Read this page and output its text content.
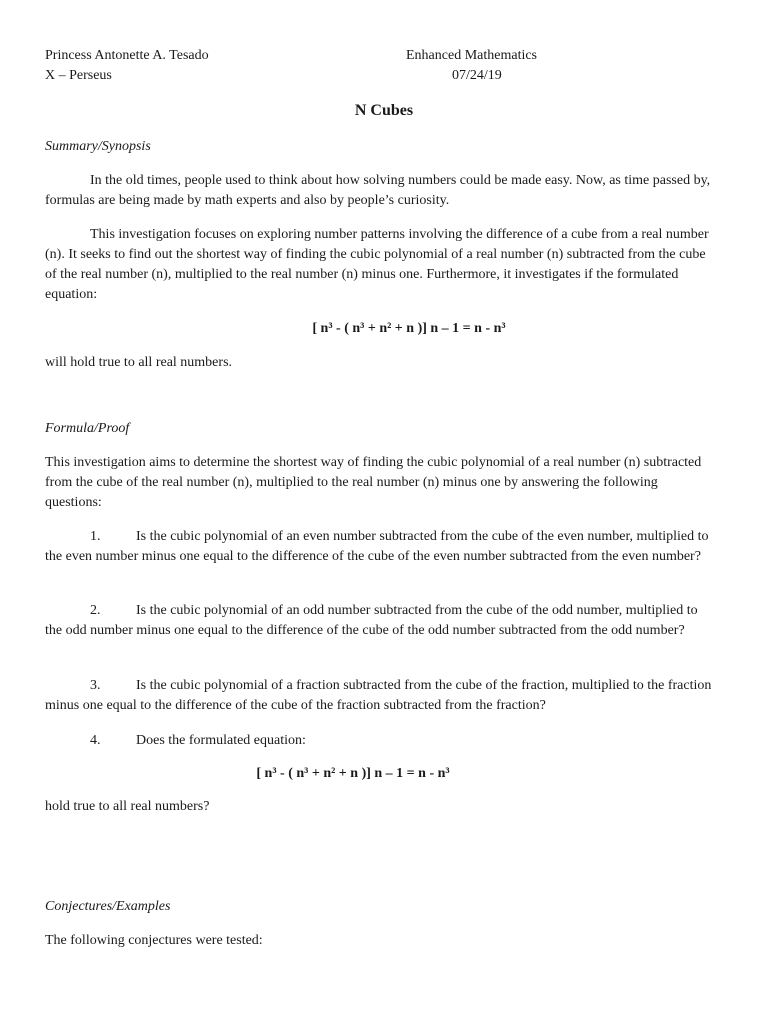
Princess Antonette A. Tesado
X – Perseus
Enhanced Mathematics
07/24/19
N Cubes
Summary/Synopsis
In the old times, people used to think about how solving numbers could be made easy. Now, as time passed by, formulas are being made by math experts and also by people’s curiosity.
This investigation focuses on exploring number patterns involving the difference of a cube from a real number (n). It seeks to find out the shortest way of finding the cubic polynomial of a real number (n) subtracted from the cube of the real number (n), multiplied to the real number (n) minus one. Furthermore, it investigates if the formulated equation:
[ n³ - ( n³ + n² + n )] n – 1 = n - n³
will hold true to all real numbers.
Formula/Proof
This investigation aims to determine the shortest way of finding the cubic polynomial of a real number (n) subtracted from the cube of the real number (n), multiplied to the real number (n) minus one by answering the following questions:
1.	Is the cubic polynomial of an even number subtracted from the cube of the even number, multiplied to the even number minus one equal to the difference of the cube of the even number subtracted from the even number?
2.	Is the cubic polynomial of an odd number subtracted from the cube of the odd number, multiplied to the odd number minus one equal to the difference of the cube of the odd number subtracted from the odd number?
3.	Is the cubic polynomial of a fraction subtracted from the cube of the fraction, multiplied to the fraction minus one equal to the difference of the cube of the fraction subtracted from the fraction?
4.	Does the formulated equation:
[ n³ - ( n³ + n² + n )] n – 1 = n - n³
hold true to all real numbers?
Conjectures/Examples
The following conjectures were tested:
